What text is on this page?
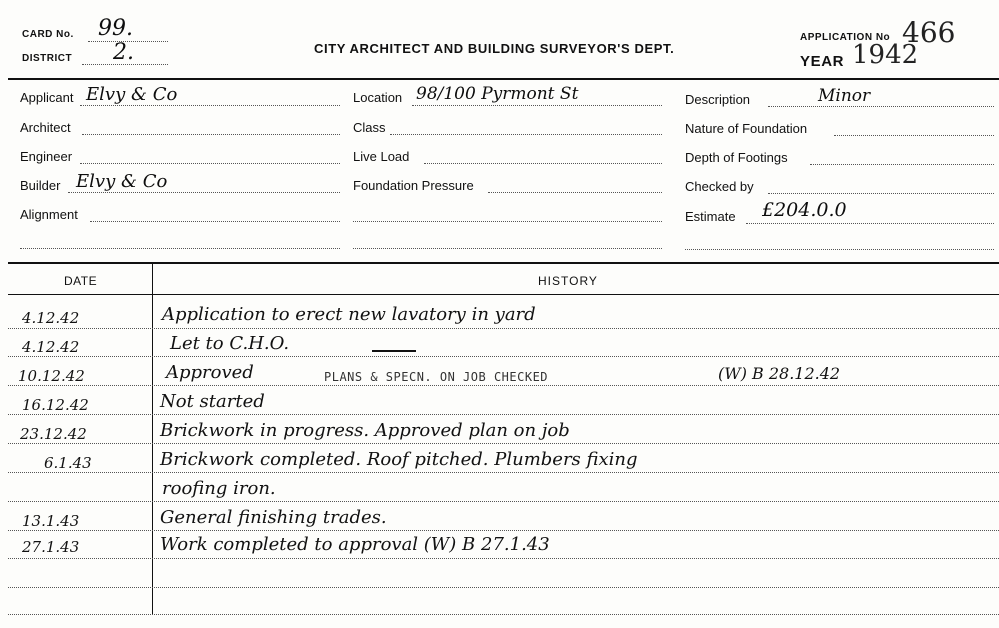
CARD No. 99.
DISTRICT 2.	CITY ARCHITECT AND BUILDING SURVEYOR'S DEPT.
APPLICATION No 466
YEAR 1942
Applicant Elvy & Co
Architect
Engineer
Builder Elvy & Co
Alignment
Location 98/100 Pyrmont St
Class
Live Load
Foundation Pressure
Description	Minor
Nature of Foundation
Depth of Footings
Checked by
Estimate £204.0.0
DATE	HISTORY
4.12.42	Application to erect new lavatory in yard
4.12.42	Let to C.H.O.
10.12.42	Approved	PLANS & SPECN. ON JOB CHECKED	(W) B 28.12.42
16.12.42	Not started
23.12.42	Brickwork in progress. Approved plan on job
6.1.43	Brickwork completed. Roof pitched. Plumbers fixing
roofing iron.
13.1.43	General finishing trades.
27.1.43	Work completed to approval (W) B 27.1.43
